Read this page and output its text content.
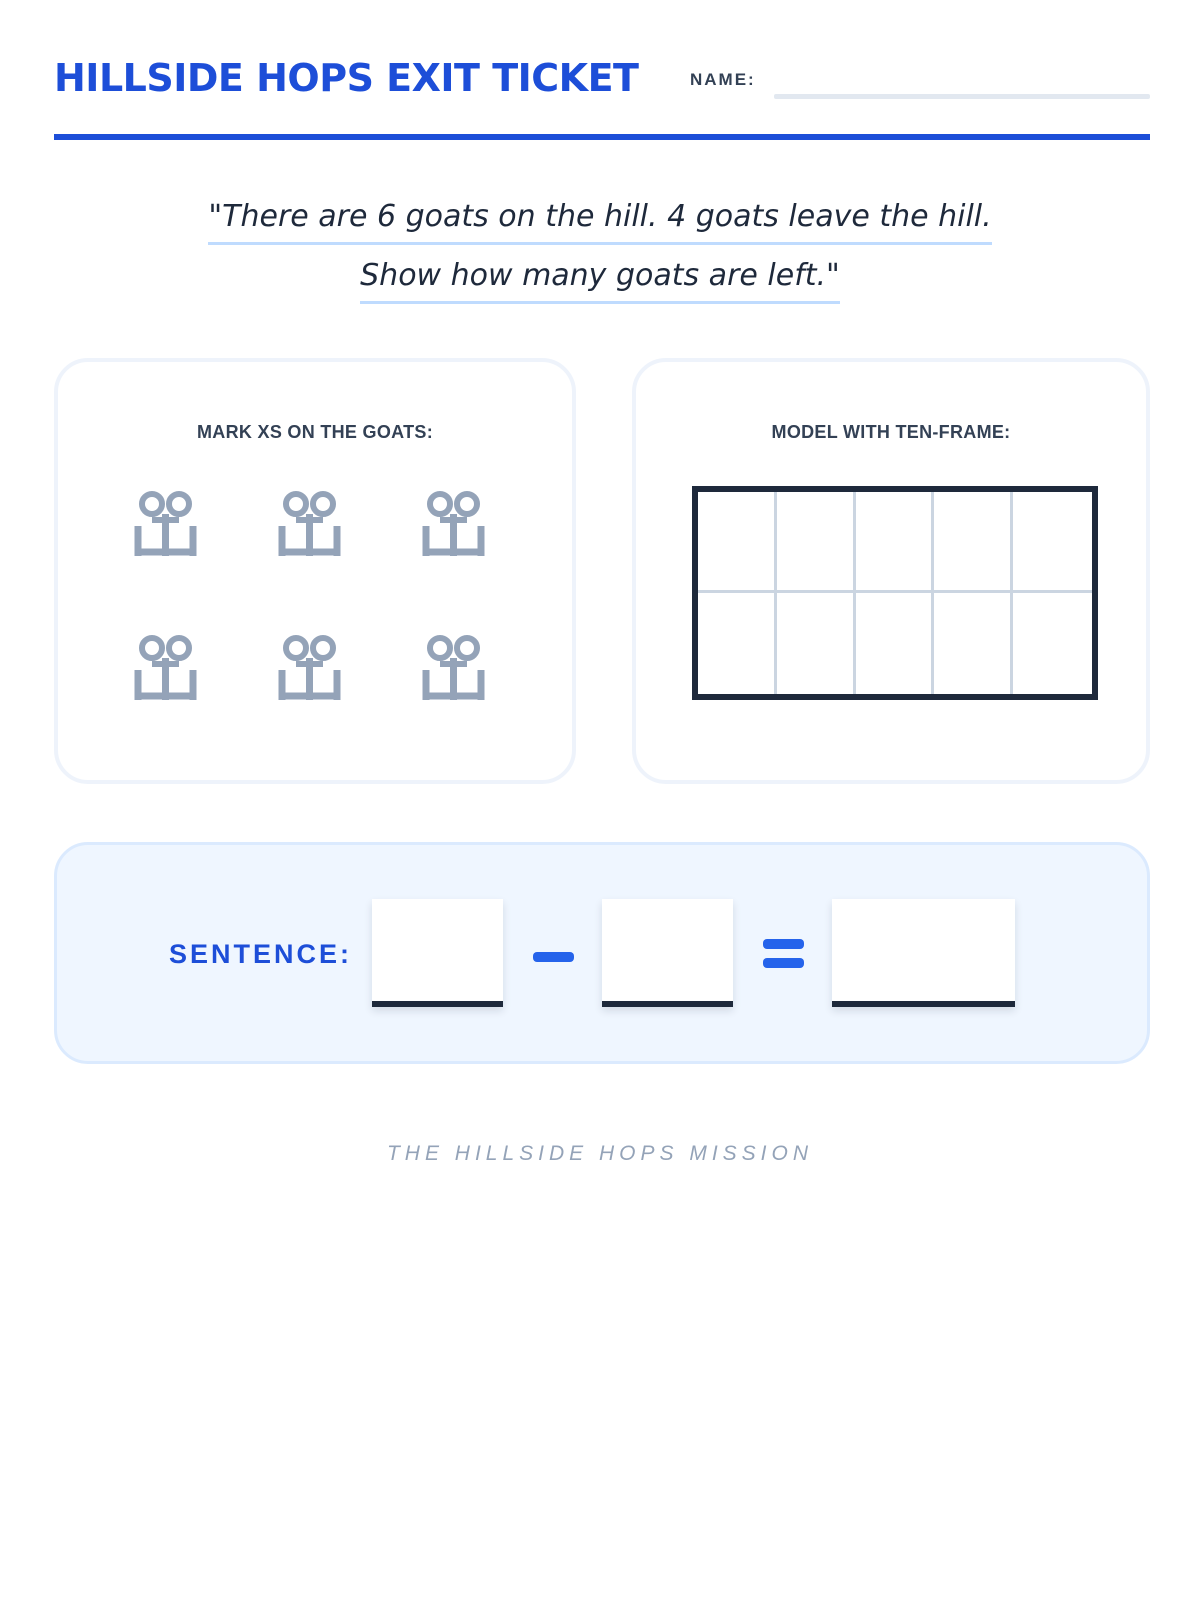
HILLSIDE HOPS EXIT TICKET	NAME:
"There are 6 goats on the hill. 4 goats leave the hill.
Show how many goats are left."
MARK XS ON THE GOATS:	MODEL WITH TEN-FRAME:
SENTENCE:
THE HILLSIDE HOPS MISSION
